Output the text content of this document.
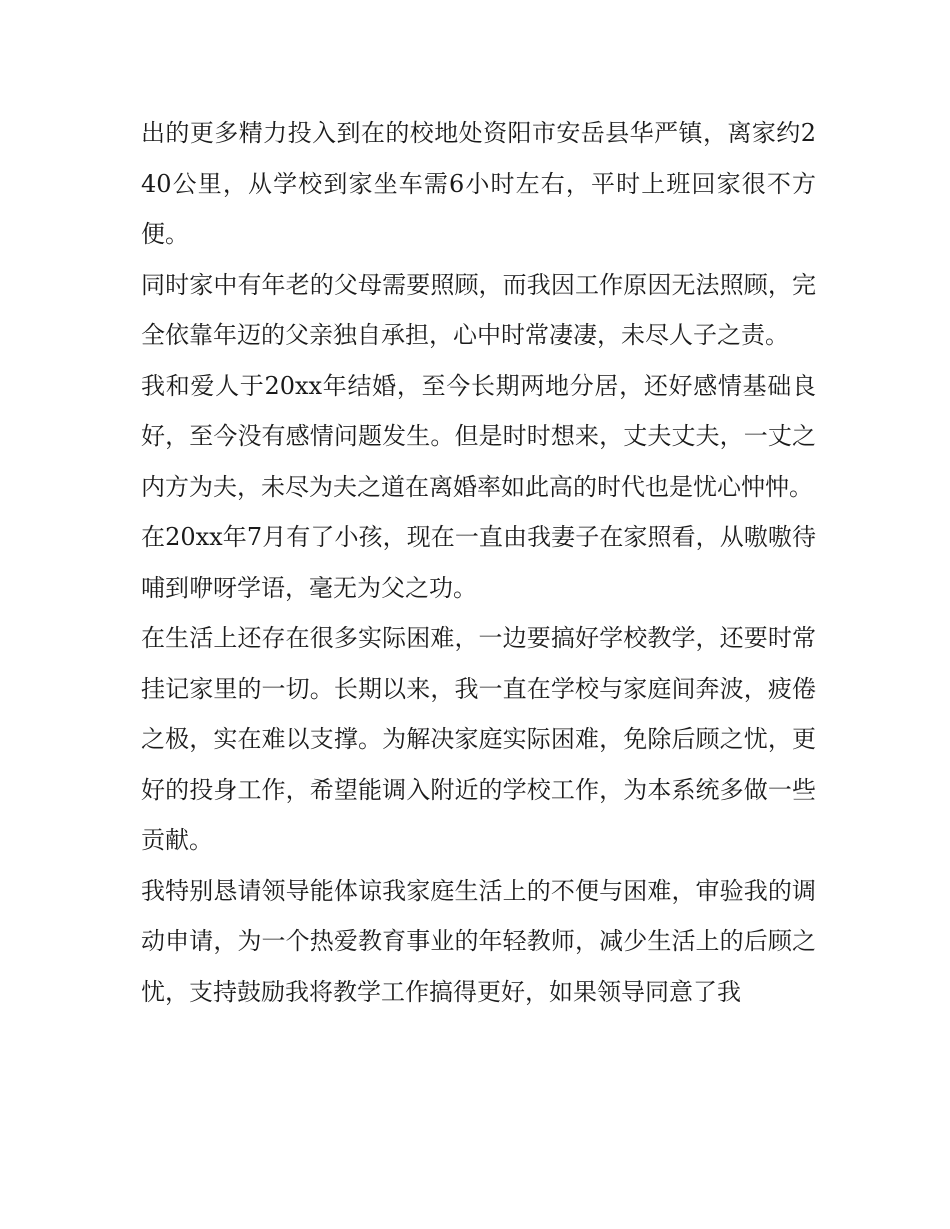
出的更多精力投入到在的校地处资阳市安岳县华严镇，离家约240公里，从学校到家坐车需6小时左右，平时上班回家很不方便。

同时家中有年老的父母需要照顾，而我因工作原因无法照顾，完全依靠年迈的父亲独自承担，心中时常凄凄，未尽人子之责。

我和爱人于20xx年结婚，至今长期两地分居，还好感情基础良好，至今没有感情问题发生。但是时时想来，丈夫丈夫，一丈之内方为夫，未尽为夫之道在离婚率如此高的时代也是忧心忡忡。

在20xx年7月有了小孩，现在一直由我妻子在家照看，从嗷嗷待哺到咿呀学语，毫无为父之功。

在生活上还存在很多实际困难，一边要搞好学校教学，还要时常挂记家里的一切。长期以来，我一直在学校与家庭间奔波，疲倦之极，实在难以支撑。为解决家庭实际困难，免除后顾之忧，更好的投身工作，希望能调入附近的学校工作，为本系统多做一些贡献。

我特别恳请领导能体谅我家庭生活上的不便与困难，审验我的调动申请，为一个热爱教育事业的年轻教师，减少生活上的后顾之忧，支持鼓励我将教学工作搞得更好，如果领导同意了我
